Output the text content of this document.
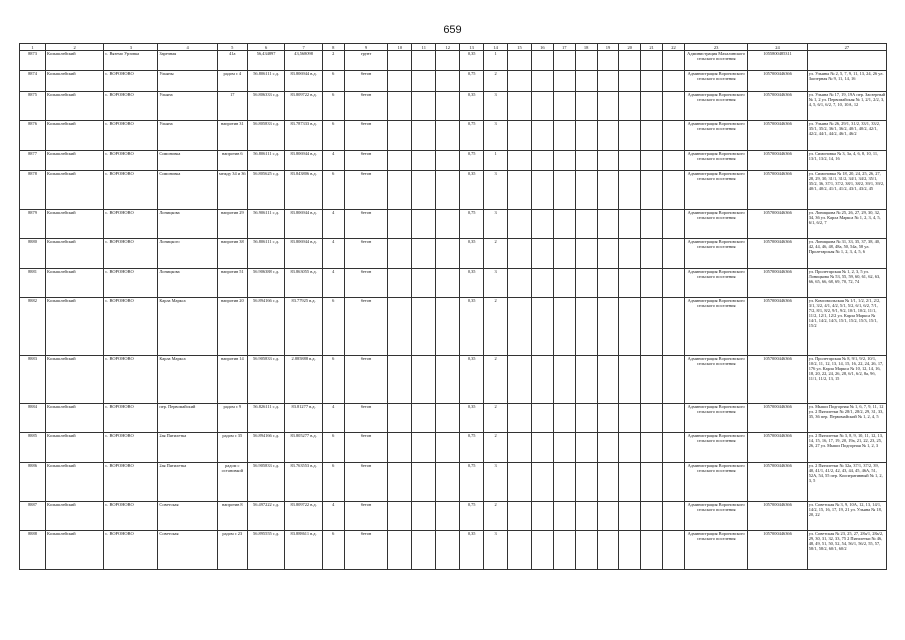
659
1	2	3	4	5	6	7	8	9	10	11	12	13	14	15	16	17	18	19	20	21	22	23	24	27
8873	Колышлейский	с. Вяземо Урзовка	Заречная	41а	56,434897	43,568098	2	грунт				0,35	1									Администрация Махалинского сельского поселения	1055800485311	
8874	Колышлейский	с. ВОРОНОВО	Ульяны	радом с 4	56.806111 с.д.	83.806944 в.д.	6	бетон				0,75	2									Администрация Вороновского сельского поселения	1057000446366	ул. Ульяны № 2, 5, 7, 9, 11, 13, 24, 26 ул. Заозерная № 9, 11, 14, 16
8875	Колышлейский	с. ВОРОНОВО	Ульяна	17	56.806333 с.д.	83.809722 в.д.	6	бетон				0,35	3									Администрация Вороновского сельского поселения	1057000446366	ул. Ульяна № 17, 19, 19А пер. Заозерный № 1, 2 ул. Первомайская № 1, 2/1, 2/2, 3, 4, 5, 6/1, 6/2, 7, 10, 10А, 12
8876	Колышлейский	с. ВОРОНОВО	Ульяна	напротив 31	56.805833 с.д.	83.787333 в.д.	6	бетон				0,75	3									Администрация Вороновского сельского поселения	1057000446366	ул. Ульяна № 26, 29/1, 31/2, 33/1, 33/2, 35/1, 35/2, 36/1, 36/2, 40/1, 40/2, 42/1, 42/2, 44/1, 44/2, 46/1, 46/2
8877	Колышлейский	с. ВОРОНОВО	Симоновка	напротив 6	56.806111 с.д.	83.806944 в.д.	4	бетон				0,75	1									Администрация Вороновского сельского поселения	1057000446366	ул. Симоновка № 3, 3а, 4, 6, 8, 10, 11, 13/1, 13/2, 14, 16
8878	Колышлейский	с. ВОРОНОВО	Симоновка	между 34 и 36	56.805625 с.д.	83.843806 в.д.	6	бетон				0,35	3									Администрация Вороновского сельского поселения	1057000446366	ул. Симоновка № 18, 20, 24, 25, 26, 27, 28, 29, 30, 31/1, 31/2, 34/1, 34/2, 35/1, 35/2, 36, 37/1, 37/2, 38/1, 38/2, 39/1, 39/2, 40/1, 40/2, 41/1, 41/2, 43/1, 43/2, 45
8879	Колышлейский	с. ВОРОНОВО	Лоницкова	напротив 29	56.906111 с.д.	83.806944 в.д.	4	бетон				0,75	3									Администрация Вороновского сельского поселения	1057000446366	ул. Лоницкова № 25, 26, 27, 29, 30, 32, 34, 36 ул. Карла Маркса № 1, 2, 3, 4, 5, 6/1, 6/2, 7
8880	Колышлейский	с. ВОРОНОВО	Лоницкого	напротив 38	56.806111 с.д.	83.806944 в.д.	4	бетон				0,35	2									Администрация Вороновского сельского поселения	1057000446366	ул. Лоницкова № 31, 33, 35, 37, 38, 40, 42, 44, 46, 48, 48а, 50, 54а, 58 ул. Пролетарская № 1, 2, 3, 4, 5, 6
8881	Колышлейский	с. ВОРОНОВО	Лоницкова	напротив 51	56.906388 с.д.	83.863055 в.д.	4	бетон				0,35	3									Администрация Вороновского сельского поселения	1057000446366	ул. Пролетарская № 1, 2, 3, 5 ул. Лоницкова № 53, 55, 59, 60, 61, 62, 63, 66, 65, 66, 68, 69, 70, 72, 74
8882	Колышлейский	с. ВОРОНОВО	Карла Маркса	напротив 20	56.894166 с.д.	83.77925 в.д.	6	бетон				0,35	2									Администрация Вороновского сельского поселения	1057000446366	ул. Комсомольская № 1/1, 1/2, 2/1, 2/2, 3/1, 3/2, 4/1, 4/2, 5/1, 5/2, 6/1, 6/2, 7/1, 7/2, 8/1, 8/2, 9/1, 9/2, 10/1, 10/2, 11/1, 11/2, 12/1, 12/2 ул. Карла Маркса № 14/1, 14/2, 14/3, 15/1, 15/2, 15/3, 15/1, 15/2
8883	Колышлейский	с. ВОРОНОВО	Карла Маркса	напротив 14	56.905833 с.д.	2.885888 в.д.	6	бетон				0,35	2									Администрация Вороновского сельского поселения	1057000446366	ул. Пролетарская № 8, 9/1, 9/2, 10/1, 10/2, 11, 12, 13, 14, 15, 16, 22, 24, 26, 17, 176 ул. Карла Маркса № 10, 12, 14, 16, 18, 20, 22, 24, 26, 28, 6/1, 6/2, 8а, 9б, 11/1, 11/2, 13, 15
8884	Колышлейский	с. ВОРОНОВО	пер. Первомайский	радом с 9	56.826111 с.д.	83.81277 в.д.	4	бетон				0,35	2									Администрация Вороновского сельского поселения	1057000446366	ул. Мыши Подгорная № 1, 6, 7, 9, 11, 12 ул. 2 Пятилетки № 28/1, 28/2, 29, 31, 33, 35, 36 пер. Первомайский № 1, 2, 4, 5
8885	Колышлейский	с. ВОРОНОВО	2ая Пятилетка	радом с 35	56.894166 с.д.	83.805277 в.д.	6	бетон				0,75	2									Администрация Вороновского сельского поселения	1057000446366	ул. 2 Пятилетки № 3, 8, 9, 10, 11, 12, 13, 14, 15, 16, 17, 19, 20, 19а, 21, 22, 23, 25, 26, 27 ул. Мыши Подгорная № 1, 2, 3
8886	Колышлейский	с. ВОРОНОВО	2ая Пятилетка	радом с остановкой	56.905833 с.д.	83.763553 в.д.	6	бетон				0,75	3									Администрация Вороновского сельского поселения	1057000446366	ул. 2 Пятилетки № 32а, 37/1, 37/2, 39, 40, 41/1, 41/2, 42, 43, 44, 45, 46А, 51, 52А, 54, 55 пер. Кооперативный № 1, 2, 3, 5
8887	Колышлейский	с. ВОРОНОВО	Советская	напротив 8	56.497222 с.д.	83.809722 в.д.	4	бетон				0,75	2									Администрация Вороновского сельского поселения	1057000446366	ул. Советская № 3, 9, 10А, 12, 13, 14/1, 14/2, 15, 16, 17, 19, 21 ул. Ульяна № 18, 20, 22
8888	Колышлейский	с. ВОРОНОВО	Советская	радом с 23	56.895555 с.д.	83.888611 в.д.	6	бетон				0,35	3									Администрация Вороновского сельского поселения	1057000446366	ул. Советская № 23, 25, 27, 28а/1, 28а/2, 29, 30, 31, 32, 33, 75 2 Пятилетки № 46, 48, 49, 51, 50, 52, 54, 56/1, 56/2, 55, 57, 58/1, 58/2, 60/1, 60/2
